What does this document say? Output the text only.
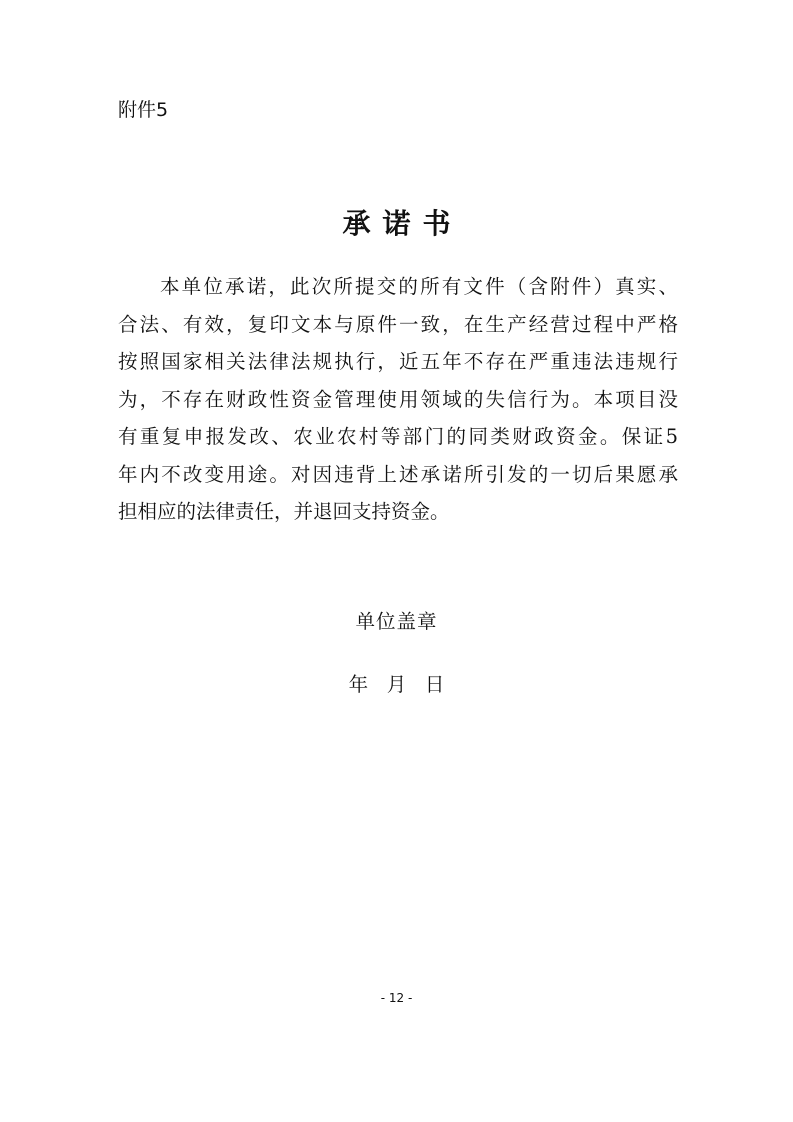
附件5
承诺书
本单位承诺，此次所提交的所有文件（含附件）真实、
合法、有效，复印文本与原件一致，在生产经营过程中严格
按照国家相关法律法规执行，近五年不存在严重违法违规行
为，不存在财政性资金管理使用领域的失信行为。本项目没
有重复申报发改、农业农村等部门的同类财政资金。保证5
年内不改变用途。对因违背上述承诺所引发的一切后果愿承
担相应的法律责任，并退回支持资金。
单位盖章
年   月   日
- 12 -
